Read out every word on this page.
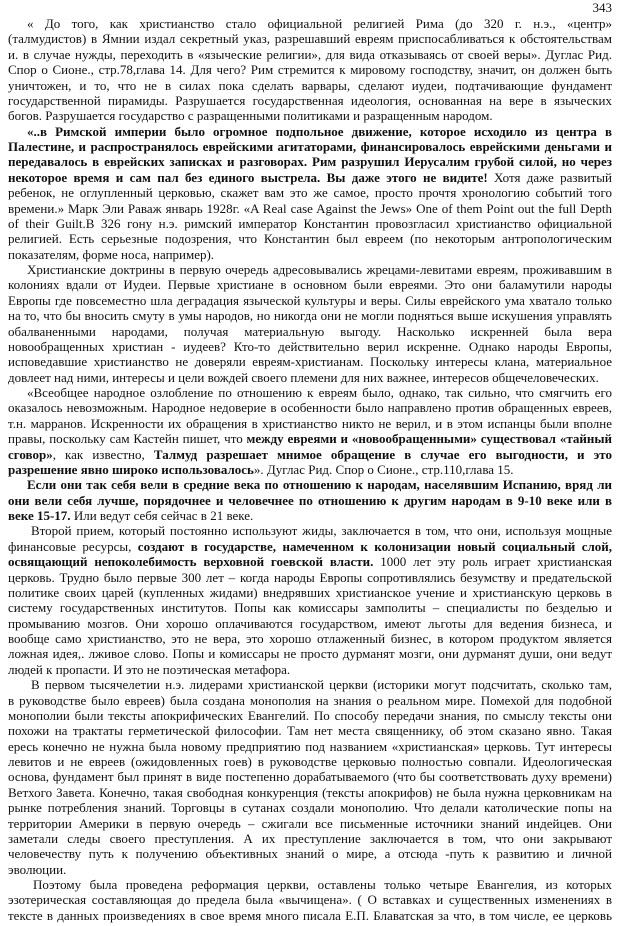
343
« До того, как христианство стало официальной религией Рима (до 320 г. н.э., «центр»
(талмудистов) в Ямнии издал секретный указ, разрешавший евреям приспосабливаться к обстоятельствам
и. в случае нужды, переходить в «языческие религии», для вида отказываясь от своей веры». Дуглас Рид.
Спор о Сионе., стр.78,глава 14. Для чего? Рим стремится к мировому господству, значит, он должен быть
уничтожен, и то, что не в силах пока сделать варвары, сделают иудеи, подтачивающие фундамент
государственной пирамиды. Разрушается государственная идеология, основанная на вере в языческих
богов. Разрушается государство с разращенными политиками и разращенным народом.
«..в Римской империи было огромное подпольное движение, которое исходило из центра в
Палестине, и распространялось еврейскими агитаторами, финансировалось еврейскими деньгами и
передавалось в еврейских записках и разговорах. Рим разрушил Иерусалим грубой силой, но через
некоторое время и сам пал без единого выстрела. Вы даже этого не видите! Хотя даже развитый
ребенок, не оглупленный церковью, скажет вам это же самое, просто прочтя хронологию событий того
времени.» Марк Эли Раваж январь 1928г. «A Real case Against the Jews» One of them Point out the full Depth
of their Guilt.В 326 гону н.э. римский император Константин провозгласил христианство официальной
религией. Есть серьезные подозрения, что Константин был евреем (по некоторым антропологическим
показателям, форме носа, например).
Христианские доктрины в первую очередь адресовывались жрецами-левитами евреям, проживавшим в
колониях вдали от Иудеи. Первые христиане в основном были евреями. Это они баламутили народы
Европы где повсеместно шла деградация языческой культуры и веры. Силы еврейского ума хватало только
на то, что бы вносить смуту в умы народов, но никогда они не могли подняться выше искушения управлять
обалваненными народами, получая материальную выгоду. Насколько искренней была вера
новообращенных христиан - иудеев? Кто-то действительно верил искренне. Однако народы Европы,
исповедавшие христианство не доверяли евреям-христианам. Поскольку интересы клана, материальное
довлеет над ними, интересы и цели вождей своего племени для них важнее, интересов общечеловеческих.
«Всеобщее народное озлобление по отношению к евреям было, однако, так сильно, что смягчить его
оказалось невозможным. Народное недоверие в особенности было направлено против обращенных евреев,
т.н. марранов. Искренности их обращения в христианство никто не верил, и в этом испанцы были вполне
правы, поскольку сам Кастейн пишет, что между евреями и «новообращенными» существовал «тайный
сговор», как известно, Талмуд разрешает мнимое обращение в случае его выгодности, и это
разрешение явно широко использовалось». Дуглас Рид. Спор о Сионе., стр.110,глава 15.
Если они так себя вели в средние века по отношению к народам, населявшим Испанию, вряд ли
они вели себя лучше, порядочнее и человечнее по отношению к другим народам в 9-10 веке или в
веке 15-17. Или ведут себя сейчас в 21 веке.
Второй прием, который постоянно используют жиды, заключается в том, что они, используя мощные
финансовые ресурсы, создают в государстве, намеченном к колонизации новый социальный слой,
освящающий непоколебимость верховной гоевской власти. 1000 лет эту роль играет христианская
церковь. Трудно было первые 300 лет – когда народы Европы сопротивлялись безумству и предательской
политике своих царей (купленных жидами) внедрявших христианское учение и христианскую церковь в
систему государственных институтов. Попы как комиссары замполиты – специалисты по безделью и
промыванию мозгов. Они хорошо оплачиваются государством, имеют льготы для ведения бизнеса, и
вообще само христианство, это не вера, это хорошо отлаженный бизнес, в котором продуктом является
ложная идея,. лживое слово. Попы и комиссары не просто дурманят мозги, они дурманят души, они ведут
людей к пропасти. И это не поэтическая метафора.
В первом тысячелетии н.э. лидерами христианской церкви (историки могут подсчитать, сколько там,
в руководстве было евреев) была создана монополия на знания о реальном мире. Помехой для подобной
монополии были тексты апокрифических Евангелий. По способу передачи знания, по смыслу тексты они
похожи на трактаты герметической философии. Там нет места священнику, об этом сказано явно. Такая
ересь конечно не нужна была новому предприятию под названием «христианская» церковь. Тут интересы
левитов и не евреев (ожидовленных гоев) в руководстве церковью полностью совпали. Идеологическая
основа, фундамент был принят в виде постепенно дорабатываемого (что бы соответствовать духу времени)
Ветхого Завета. Конечно, такая свободная конкуренция (тексты апокрифов) не была нужна церковникам на
рынке потребления знаний. Торговцы в сутанах создали монополию. Что делали католические попы на
территории Америки в первую очередь – сжигали все письменные источники знаний индейцев. Они
заметали следы своего преступления. А их преступление заключается в том, что они закрывают
человечеству путь к получению объективных знаний о мире, а отсюда -путь к развитию и личной
эволюции.
Поэтому была проведена реформация церкви, оставлены только четыре Евангелия, из которых
эзотерическая составляющая до предела была «вычищена». ( О вставках и существенных изменениях в
тексте в данных произведениях в свое время много писала Е.П. Блаватская за что, в том числе, ее церковь
